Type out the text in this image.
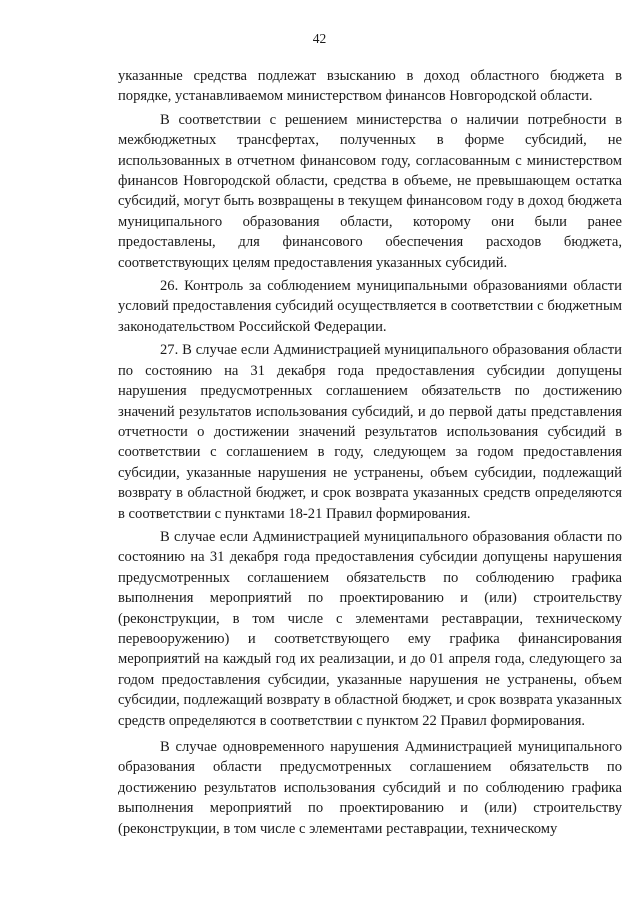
42

указанные средства подлежат взысканию в доход областного бюджета в порядке, устанавливаемом министерством финансов Новгородской области.

В соответствии с решением министерства о наличии потребности в межбюджетных трансфертах, полученных в форме субсидий, не использованных в отчетном финансовом году, согласованным с министерством финансов Новгородской области, средства в объеме, не превышающем остатка субсидий, могут быть возвращены в текущем финансовом году в доход бюджета муниципального образования области, которому они были ранее предоставлены, для финансового обеспечения расходов бюджета, соответствующих целям предоставления указанных субсидий.

26. Контроль за соблюдением муниципальными образованиями области условий предоставления субсидий осуществляется в соответствии с бюджетным законодательством Российской Федерации.

27. В случае если Администрацией муниципального образования области по состоянию на 31 декабря года предоставления субсидии допущены нарушения предусмотренных соглашением обязательств по достижению значений результатов использования субсидий, и до первой даты представления отчетности о достижении значений результатов использования субсидий в соответствии с соглашением в году, следующем за годом предоставления субсидии, указанные нарушения не устранены, объем субсидии, подлежащий возврату в областной бюджет, и срок возврата указанных средств определяются в соответствии с пунктами 18-21 Правил формирования.

В случае если Администрацией муниципального образования области по состоянию на 31 декабря года предоставления субсидии допущены нарушения предусмотренных соглашением обязательств по соблюдению графика выполнения мероприятий по проектированию и (или) строительству (реконструкции, в том числе с элементами реставрации, техническому перевооружению) и соответствующего ему графика финансирования мероприятий на каждый год их реализации, и до 01 апреля года, следующего за годом предоставления субсидии, указанные нарушения не устранены, объем субсидии, подлежащий возврату в областной бюджет, и срок возврата указанных средств определяются в соответствии с пунктом 22 Правил формирования.

В случае одновременного нарушения Администрацией муниципального образования области предусмотренных соглашением обязательств по достижению результатов использования субсидий и по соблюдению графика выполнения мероприятий по проектированию и (или) строительству (реконструкции, в том числе с элементами реставрации, техническому
